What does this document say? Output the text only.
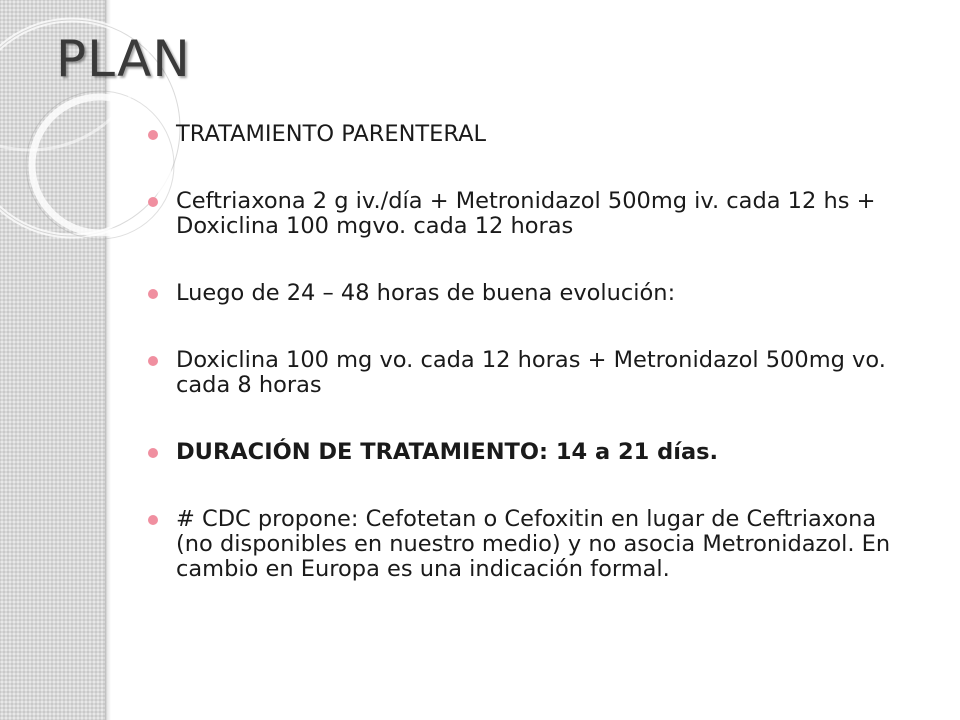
PLAN
TRATAMIENTO PARENTERAL
Ceftriaxona 2 g iv./día + Metronidazol 500mg iv. cada 12 hs + Doxiclina 100 mgvo. cada 12 horas
Luego de 24 – 48 horas de buena evolución:
Doxiclina 100 mg vo. cada 12 horas + Metronidazol 500mg vo. cada 8 horas
DURACIÓN DE TRATAMIENTO: 14 a 21 días.
# CDC propone: Cefotetan o Cefoxitin en lugar de Ceftriaxona (no disponibles en nuestro medio) y no asocia Metronidazol. En cambio en Europa es una indicación formal.
